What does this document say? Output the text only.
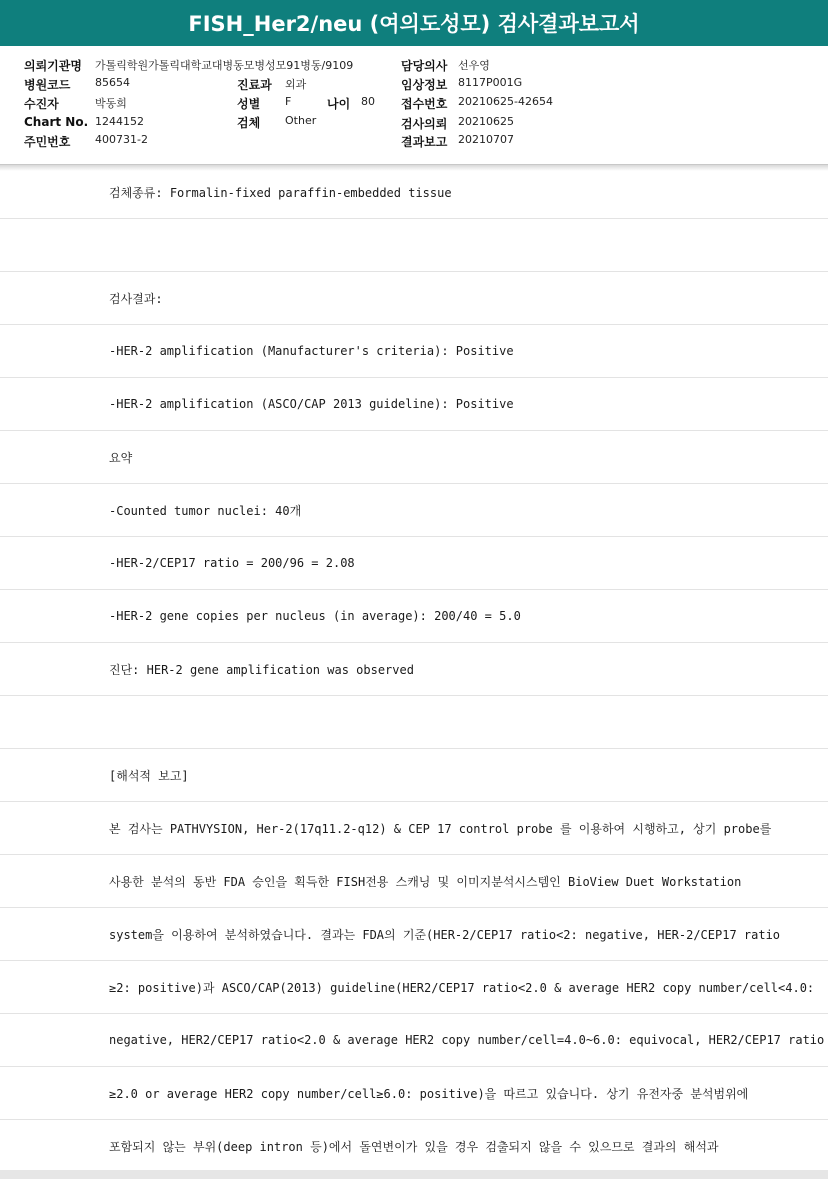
FISH_Her2/neu (여의도성모) 검사결과보고서
의뢰기관명 가톨릭학원가톨릭대학교대병동모병성모91병동/9109
병원코드 85654
수진자	박동희
Chart No. 1244152
주민번호 400731-2
진료과 외과
성별 F	나이 80
검체 Other
담당의사 선우영
임상정보 8117P001G
접수번호 20210625-42654
검사의뢰 20210625
결과보고 20210707
검체종류: Formalin-fixed paraffin-embedded tissue
검사결과:
-HER-2 amplification (Manufacturer's criteria): Positive
-HER-2 amplification (ASCO/CAP 2013 guideline): Positive
요약
-Counted tumor nuclei: 40개
-HER-2/CEP17 ratio = 200/96 = 2.08
-HER-2 gene copies per nucleus (in average): 200/40 = 5.0
진단: HER-2 gene amplification was observed
[해석적 보고]
본 검사는 PATHVYSION, Her-2(17q11.2-q12) & CEP 17 control probe 를 이용하여 시행하고, 상기 probe를
사용한 분석의 동반 FDA 승인을 획득한 FISH전용 스캐닝 및 이미지분석시스템인 BioView Duet Workstation
system을 이용하여 분석하였습니다. 결과는 FDA의 기준(HER-2/CEP17 ratio<2: negative, HER-2/CEP17 ratio
≥2: positive)과 ASCO/CAP(2013) guideline(HER2/CEP17 ratio<2.0 & average HER2 copy number/cell<4.0:
negative, HER2/CEP17 ratio<2.0 & average HER2 copy number/cell=4.0~6.0: equivocal, HER2/CEP17 ratio
≥2.0 or average HER2 copy number/cell≥6.0: positive)을 따르고 있습니다. 상기 유전자중 분석범위에
포함되지 않는 부위(deep intron 등)에서 돌연변이가 있을 경우 검출되지 않을 수 있으므로 결과의 해석과
